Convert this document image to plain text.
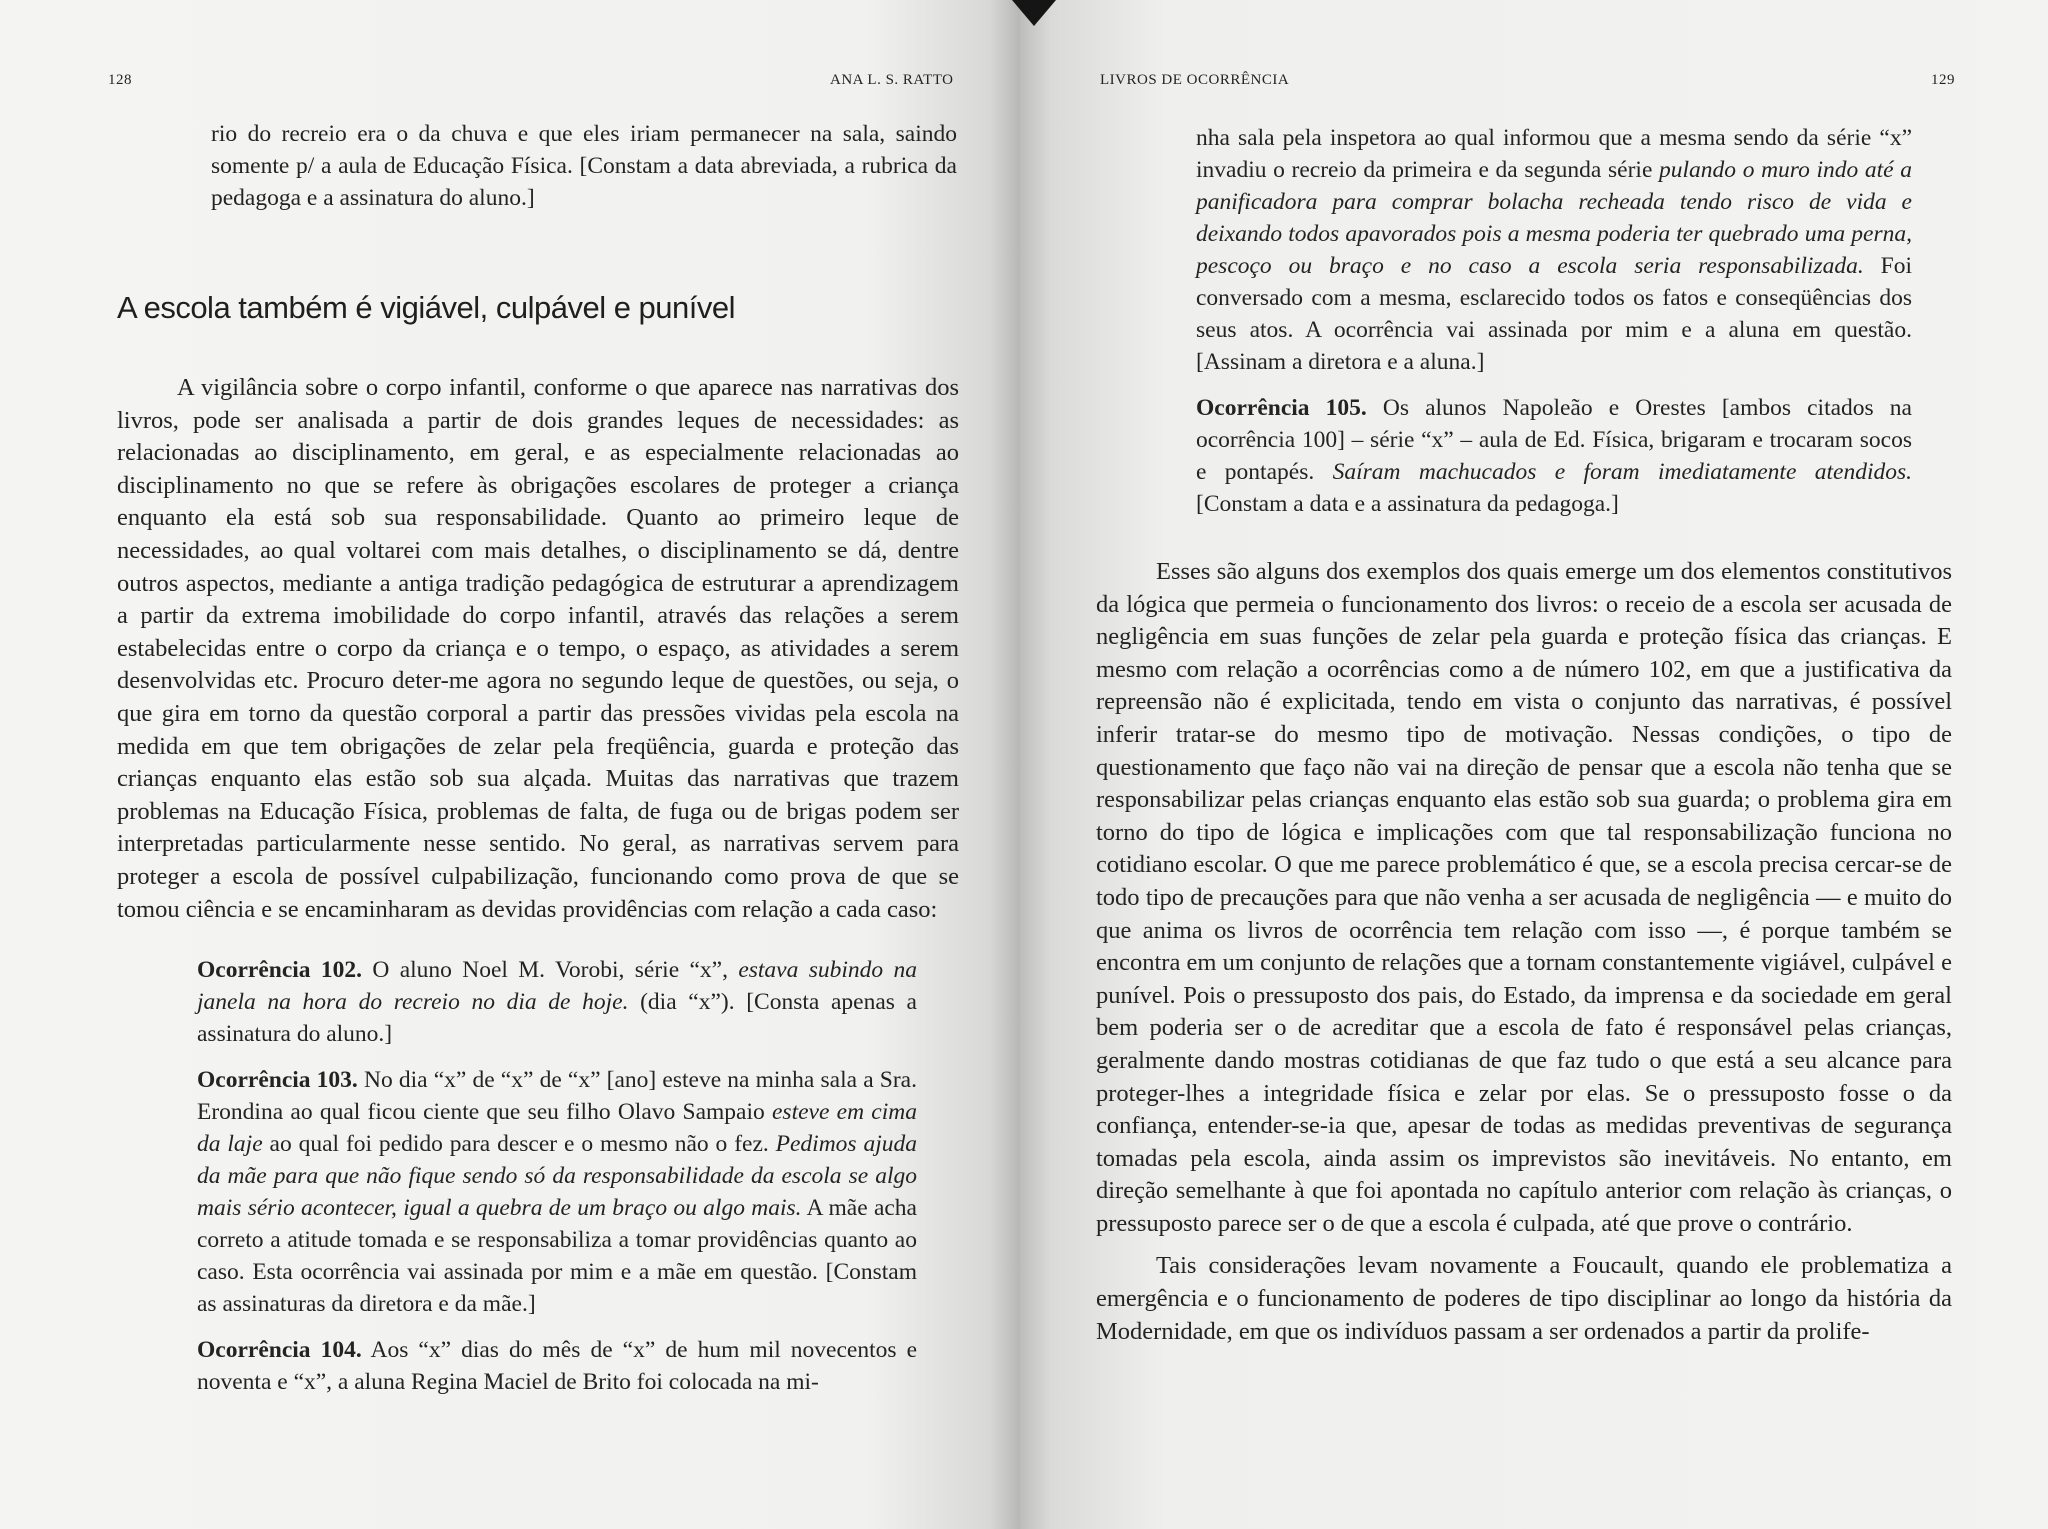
128	ANA L. S. RATTO

rio do recreio era o da chuva e que eles iriam permanecer na sala, saindo somente p/ a aula de Educação Física. [Constam a data abreviada, a rubrica da pedagoga e a assinatura do aluno.]

A escola também é vigiável, culpável e punível

A vigilância sobre o corpo infantil, conforme o que aparece nas narrativas dos livros, pode ser analisada a partir de dois grandes leques de necessidades: as relacionadas ao disciplinamento, em geral, e as especialmente relacionadas ao disciplinamento no que se refere às obrigações escolares de proteger a criança enquanto ela está sob sua responsabilidade. Quanto ao primeiro leque de necessidades, ao qual voltarei com mais detalhes, o disciplinamento se dá, dentre outros aspectos, mediante a antiga tradição pedagógica de estruturar a aprendizagem a partir da extrema imobilidade do corpo infantil, através das relações a serem estabelecidas entre o corpo da criança e o tempo, o espaço, as atividades a serem desenvolvidas etc. Procuro deter-me agora no segundo leque de questões, ou seja, o que gira em torno da questão corporal a partir das pressões vividas pela escola na medida em que tem obrigações de zelar pela freqüência, guarda e proteção das crianças enquanto elas estão sob sua alçada. Muitas das narrativas que trazem problemas na Educação Física, problemas de falta, de fuga ou de brigas podem ser interpretadas particularmente nesse sentido. No geral, as narrativas servem para proteger a escola de possível culpabilização, funcionando como prova de que se tomou ciência e se encaminharam as devidas providências com relação a cada caso:

Ocorrência 102. O aluno Noel M. Vorobi, série “x”, estava subindo na janela na hora do recreio no dia de hoje. (dia “x”). [Consta apenas a assinatura do aluno.]

Ocorrência 103. No dia “x” de “x” de “x” [ano] esteve na minha sala a Sra. Erondina ao qual ficou ciente que seu filho Olavo Sampaio esteve em cima da laje ao qual foi pedido para descer e o mesmo não o fez. Pedimos ajuda da mãe para que não fique sendo só da responsabilidade da escola se algo mais sério acontecer, igual a quebra de um braço ou algo mais. A mãe acha correto a atitude tomada e se responsabiliza a tomar providências quanto ao caso. Esta ocorrência vai assinada por mim e a mãe em questão. [Constam as assinaturas da diretora e da mãe.]

Ocorrência 104. Aos “x” dias do mês de “x” de hum mil novecentos e noventa e “x”, a aluna Regina Maciel de Brito foi colocada na mi-

LIVROS DE OCORRÊNCIA	129

nha sala pela inspetora ao qual informou que a mesma sendo da série “x” invadiu o recreio da primeira e da segunda série pulando o muro indo até a panificadora para comprar bolacha recheada tendo risco de vida e deixando todos apavorados pois a mesma poderia ter quebrado uma perna, pescoço ou braço e no caso a escola seria responsabilizada. Foi conversado com a mesma, esclarecido todos os fatos e conseqüências dos seus atos. A ocorrência vai assinada por mim e a aluna em questão. [Assinam a diretora e a aluna.]

Ocorrência 105. Os alunos Napoleão e Orestes [ambos citados na ocorrência 100] – série “x” – aula de Ed. Física, brigaram e trocaram socos e pontapés. Saíram machucados e foram imediatamente atendidos. [Constam a data e a assinatura da pedagoga.]

Esses são alguns dos exemplos dos quais emerge um dos elementos constitutivos da lógica que permeia o funcionamento dos livros: o receio de a escola ser acusada de negligência em suas funções de zelar pela guarda e proteção física das crianças. E mesmo com relação a ocorrências como a de número 102, em que a justificativa da repreensão não é explicitada, tendo em vista o conjunto das narrativas, é possível inferir tratar-se do mesmo tipo de motivação. Nessas condições, o tipo de questionamento que faço não vai na direção de pensar que a escola não tenha que se responsabilizar pelas crianças enquanto elas estão sob sua guarda; o problema gira em torno do tipo de lógica e implicações com que tal responsabilização funciona no cotidiano escolar. O que me parece problemático é que, se a escola precisa cercar-se de todo tipo de precauções para que não venha a ser acusada de negligência — e muito do que anima os livros de ocorrência tem relação com isso —, é porque também se encontra em um conjunto de relações que a tornam constantemente vigiável, culpável e punível. Pois o pressuposto dos pais, do Estado, da imprensa e da sociedade em geral bem poderia ser o de acreditar que a escola de fato é responsável pelas crianças, geralmente dando mostras cotidianas de que faz tudo o que está a seu alcance para proteger-lhes a integridade física e zelar por elas. Se o pressuposto fosse o da confiança, entender-se-ia que, apesar de todas as medidas preventivas de segurança tomadas pela escola, ainda assim os imprevistos são inevitáveis. No entanto, em direção semelhante à que foi apontada no capítulo anterior com relação às crianças, o pressuposto parece ser o de que a escola é culpada, até que prove o contrário.

Tais considerações levam novamente a Foucault, quando ele problematiza a emergência e o funcionamento de poderes de tipo disciplinar ao longo da história da Modernidade, em que os indivíduos passam a ser ordenados a partir da prolife-
